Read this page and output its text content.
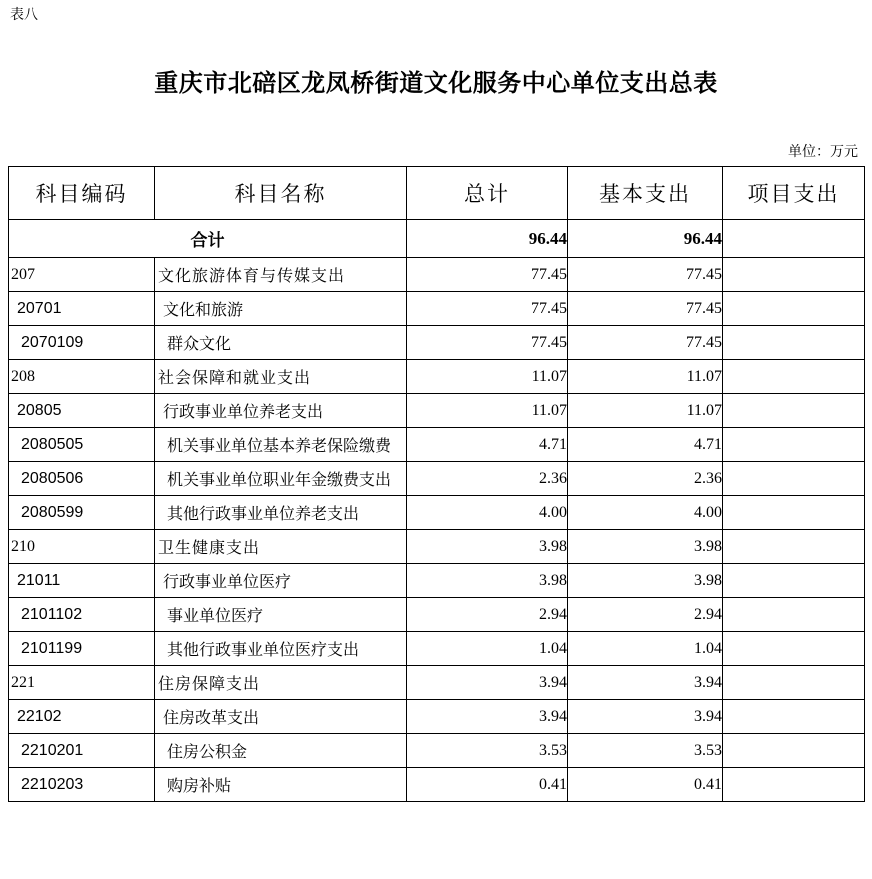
表八
重庆市北碚区龙凤桥街道文化服务中心单位支出总表
单位：万元
科目编码	科目名称	总计	基本支出	项目支出
合计		96.44	96.44	
207	文化旅游体育与传媒支出	77.45	77.45	
20701	文化和旅游	77.45	77.45	
2070109	群众文化	77.45	77.45	
208	社会保障和就业支出	11.07	11.07	
20805	行政事业单位养老支出	11.07	11.07	
2080505	机关事业单位基本养老保险缴费	4.71	4.71	
2080506	机关事业单位职业年金缴费支出	2.36	2.36	
2080599	其他行政事业单位养老支出	4.00	4.00	
210	卫生健康支出	3.98	3.98	
21011	行政事业单位医疗	3.98	3.98	
2101102	事业单位医疗	2.94	2.94	
2101199	其他行政事业单位医疗支出	1.04	1.04	
221	住房保障支出	3.94	3.94	
22102	住房改革支出	3.94	3.94	
2210201	住房公积金	3.53	3.53	
2210203	购房补贴	0.41	0.41	
